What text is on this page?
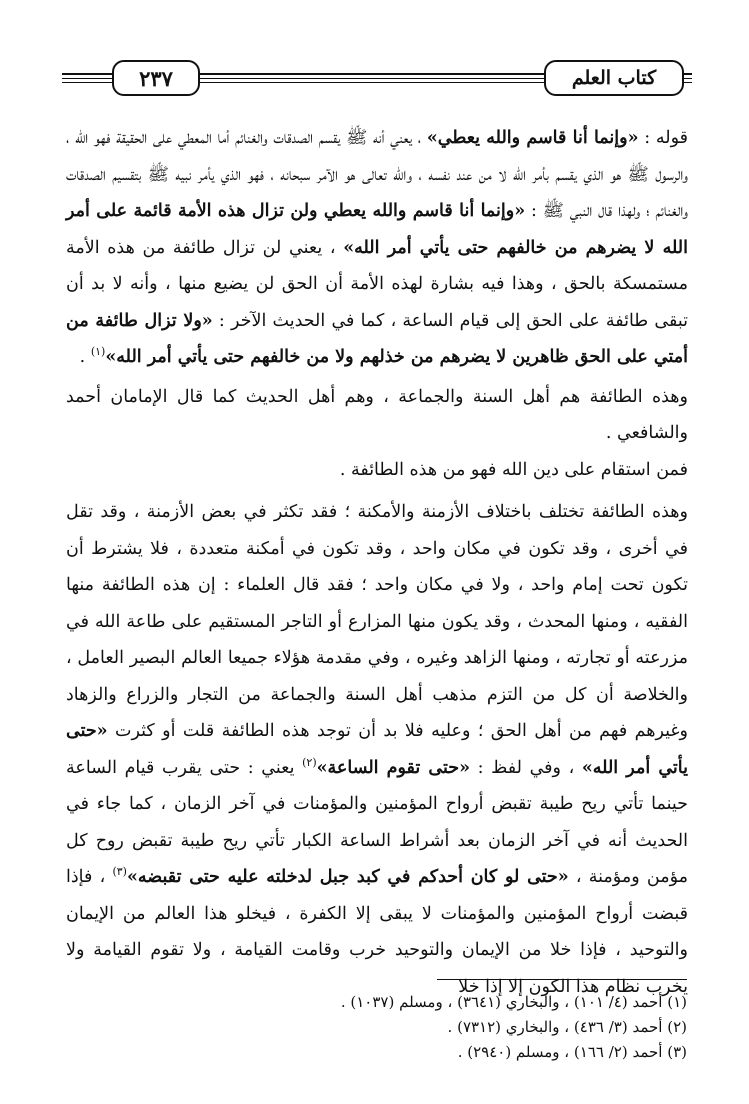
كتاب العلم
٢٣٧

قوله : «وإنما أنا قاسم والله يعطي» ، يعني أنه ﷺ يقسم الصدقات والغنائم أما المعطي على الحقيقة فهو الله ، والرسول ﷺ هو الذي يقسم بأمر الله لا من عند نفسه ، والله تعالى هو الآمر سبحانه ، فهو الذي يأمر نبيه ﷺ بتقسيم الصدقات والغنائم ؛ ولهذا قال النبي ﷺ : «وإنما أنا قاسم والله يعطي ولن تزال هذه الأمة قائمة على أمر الله لا يضرهم من خالفهم حتى يأتي أمر الله» ، يعني لن تزال طائفة من هذه الأمة مستمسكة بالحق ، وهذا فيه بشارة لهذه الأمة أن الحق لن يضيع منها ، وأنه لا بد أن تبقى طائفة على الحق إلى قيام الساعة ، كما في الحديث الآخر : «ولا تزال طائفة من أمتي على الحق ظاهرين لا يضرهم من خذلهم ولا من خالفهم حتى يأتي أمر الله»$^{(١)}$ .

وهذه الطائفة هم أهل السنة والجماعة ، وهم أهل الحديث كما قال الإمامان أحمد والشافعي .

فمن استقام على دين الله فهو من هذه الطائفة .

وهذه الطائفة تختلف باختلاف الأزمنة والأمكنة ؛ فقد تكثر في بعض الأزمنة ، وقد تقل في أخرى ، وقد تكون في مكان واحد ، وقد تكون في أمكنة متعددة ، فلا يشترط أن تكون تحت إمام واحد ، ولا في مكان واحد ؛ فقد قال العلماء : إن هذه الطائفة منها الفقيه ، ومنها المحدث ، وقد يكون منها المزارع أو التاجر المستقيم على طاعة الله في مزرعته أو تجارته ، ومنها الزاهد وغيره ، وفي مقدمة هؤلاء جميعا العالم البصير العامل ، والخلاصة أن كل من التزم مذهب أهل السنة والجماعة من التجار والزراع والزهاد وغيرهم فهم من أهل الحق ؛ وعليه فلا بد أن توجد هذه الطائفة قلت أو كثرت «حتى يأتي أمر الله» ، وفي لفظ : «حتى تقوم الساعة»$^{(٢)}$ يعني : حتى يقرب قيام الساعة حينما تأتي ريح طيبة تقبض أرواح المؤمنين والمؤمنات في آخر الزمان ، كما جاء في الحديث أنه في آخر الزمان بعد أشراط الساعة الكبار تأتي ريح طيبة تقبض روح كل مؤمن ومؤمنة ، «حتى لو كان أحدكم في كبد جبل لدخلته عليه حتى تقبضه»$^{(٣)}$ ، فإذا قبضت أرواح المؤمنين والمؤمنات لا يبقى إلا الكفرة ، فيخلو هذا العالم من الإيمان والتوحيد ، فإذا خلا من الإيمان والتوحيد خرب وقامت القيامة ، ولا تقوم القيامة ولا يخرب نظام هذا الكون إلا إذا خلا

(١) أحمد (٤/ ١٠١) ، والبخاري (٣٦٤١) ، ومسلم (١٠٣٧) .
(٢) أحمد (٣/ ٤٣٦) ، والبخاري (٧٣١٢) .
(٣) أحمد (٢/ ١٦٦) ، ومسلم (٢٩٤٠) .
